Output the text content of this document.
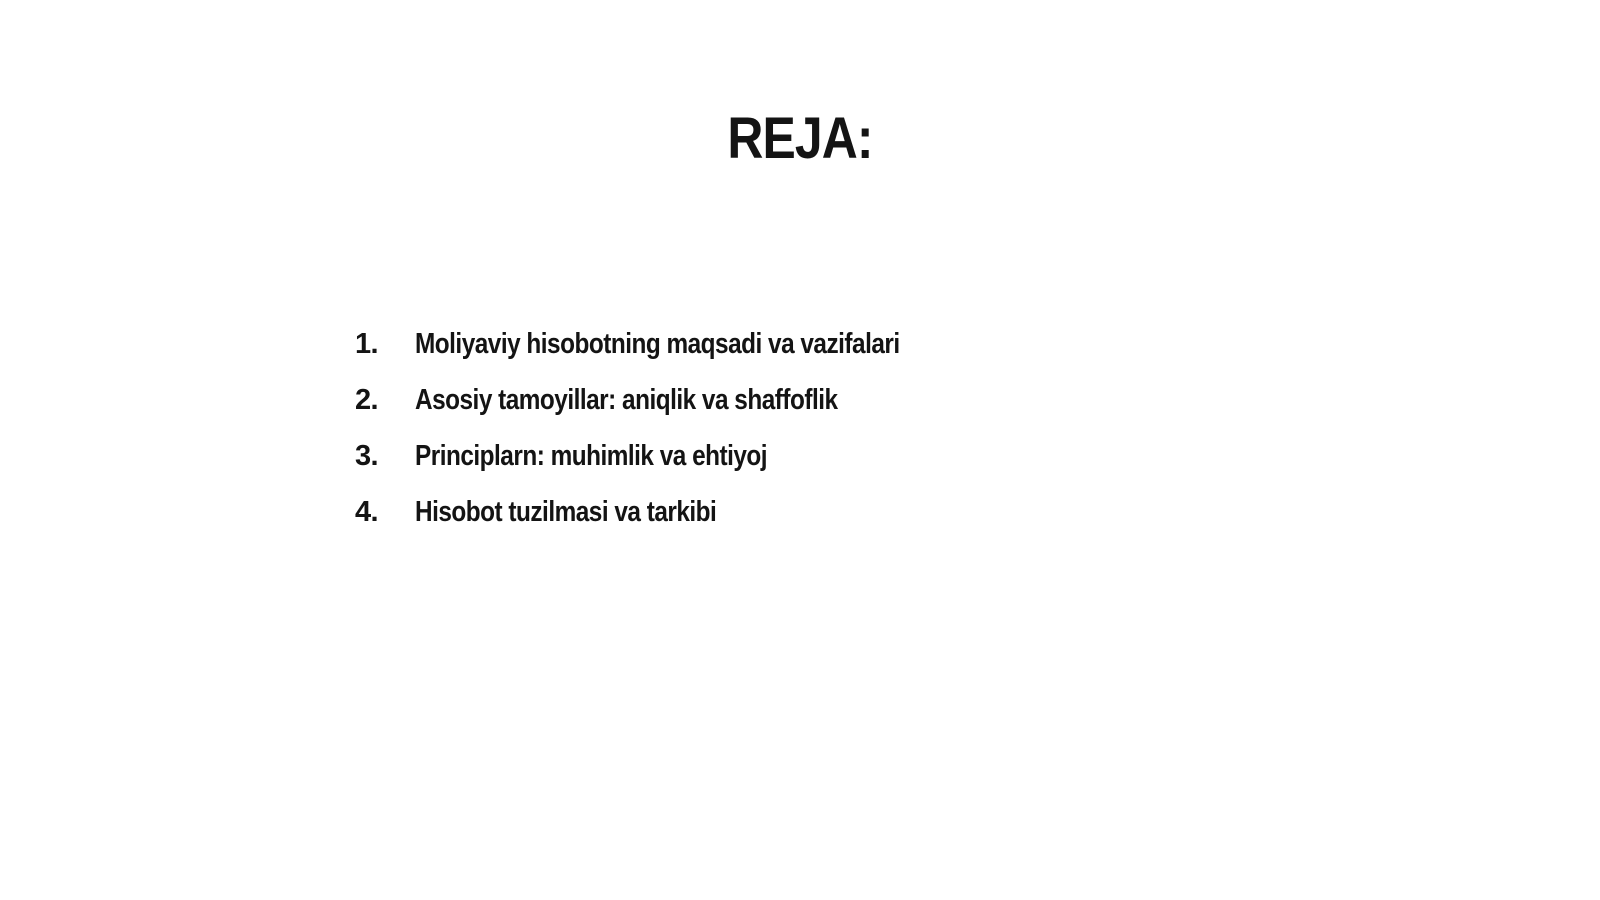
REJA:
1.	Moliyaviy hisobotning maqsadi va vazifalari
2.	Asosiy tamoyillar: aniqlik va shaffoflik
3.	Principlarn: muhimlik va ehtiyoj
4.	Hisobot tuzilmasi va tarkibi
